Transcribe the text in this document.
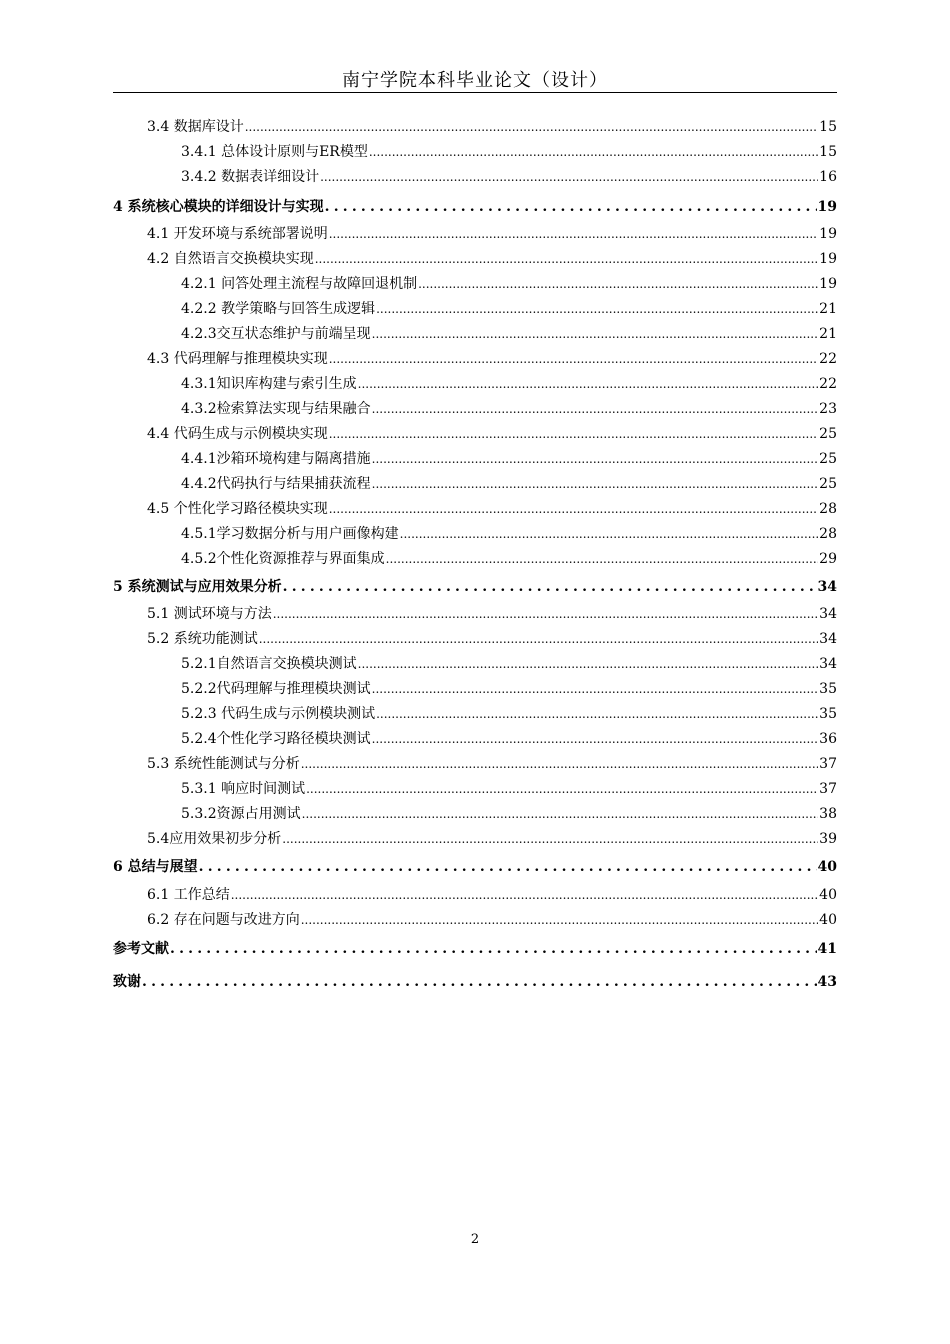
南宁学院本科毕业论文（设计）
3.4 数据库设计 .....	15
3.4.1 总体设计原则与ER模型 .....	15
3.4.2 数据表详细设计 .....	16
4 系统核心模块的详细设计与实现 .....	19
4.1 开发环境与系统部署说明 .....	19
4.2 自然语言交换模块实现 .....	19
4.2.1 问答处理主流程与故障回退机制 .....	19
4.2.2 教学策略与回答生成逻辑 .....	21
4.2.3交互状态维护与前端呈现 .....	21
4.3 代码理解与推理模块实现 .....	22
4.3.1知识库构建与索引生成 .....	22
4.3.2检索算法实现与结果融合 .....	23
4.4 代码生成与示例模块实现 .....	25
4.4.1沙箱环境构建与隔离措施 .....	25
4.4.2代码执行与结果捕获流程 .....	25
4.5 个性化学习路径模块实现 .....	28
4.5.1学习数据分析与用户画像构建 .....	28
4.5.2个性化资源推荐与界面集成 .....	29
5 系统测试与应用效果分析 .....	34
5.1 测试环境与方法 .....	34
5.2 系统功能测试 .....	34
5.2.1自然语言交换模块测试 .....	34
5.2.2代码理解与推理模块测试 .....	35
5.2.3 代码生成与示例模块测试 .....	35
5.2.4个性化学习路径模块测试 .....	36
5.3 系统性能测试与分析 .....	37
5.3.1 响应时间测试 .....	37
5.3.2资源占用测试 .....	38
5.4应用效果初步分析 .....	39
6 总结与展望 .....	40
6.1 工作总结 .....	40
6.2 存在问题与改进方向 .....	40
参考文献 .....	41
致谢 .....	43
2
